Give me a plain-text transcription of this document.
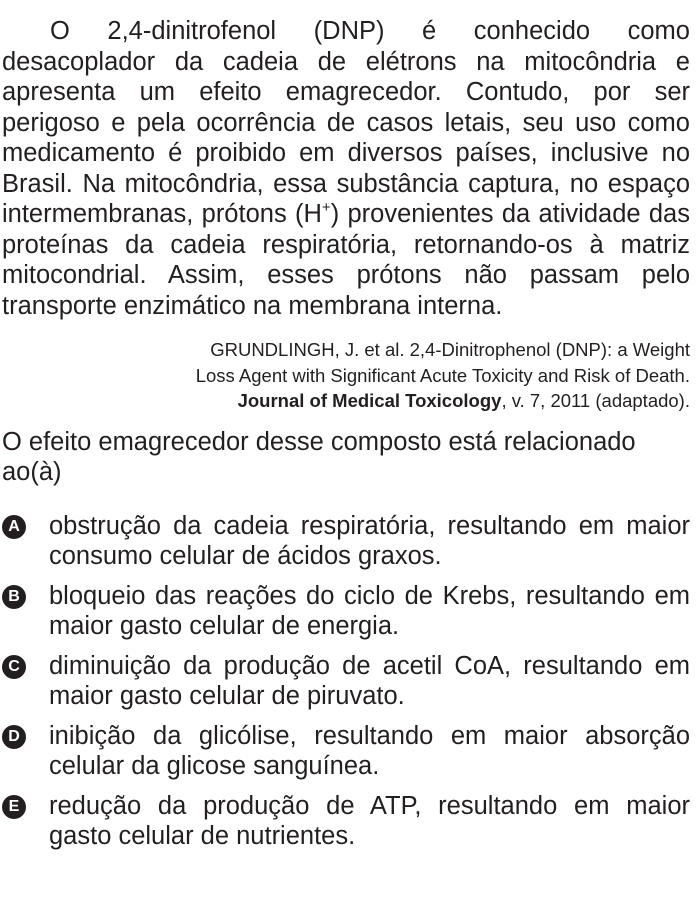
O 2,4-dinitrofenol (DNP) é conhecido como desacoplador da cadeia de elétrons na mitocôndria e apresenta um efeito emagrecedor. Contudo, por ser perigoso e pela ocorrência de casos letais, seu uso como medicamento é proibido em diversos países, inclusive no Brasil. Na mitocôndria, essa substância captura, no espaço intermembranas, prótons (H+) provenientes da atividade das proteínas da cadeia respiratória, retornando-os à matriz mitocondrial. Assim, esses prótons não passam pelo transporte enzimático na membrana interna.

GRUNDLINGH, J. et al. 2,4-Dinitrophenol (DNP): a Weight
Loss Agent with Significant Acute Toxicity and Risk of Death.
Journal of Medical Toxicology, v. 7, 2011 (adaptado).

O efeito emagrecedor desse composto está relacionado ao(à)

A obstrução da cadeia respiratória, resultando em maior consumo celular de ácidos graxos.
B bloqueio das reações do ciclo de Krebs, resultando em maior gasto celular de energia.
C diminuição da produção de acetil CoA, resultando em maior gasto celular de piruvato.
D inibição da glicólise, resultando em maior absorção celular da glicose sanguínea.
E redução da produção de ATP, resultando em maior gasto celular de nutrientes.
